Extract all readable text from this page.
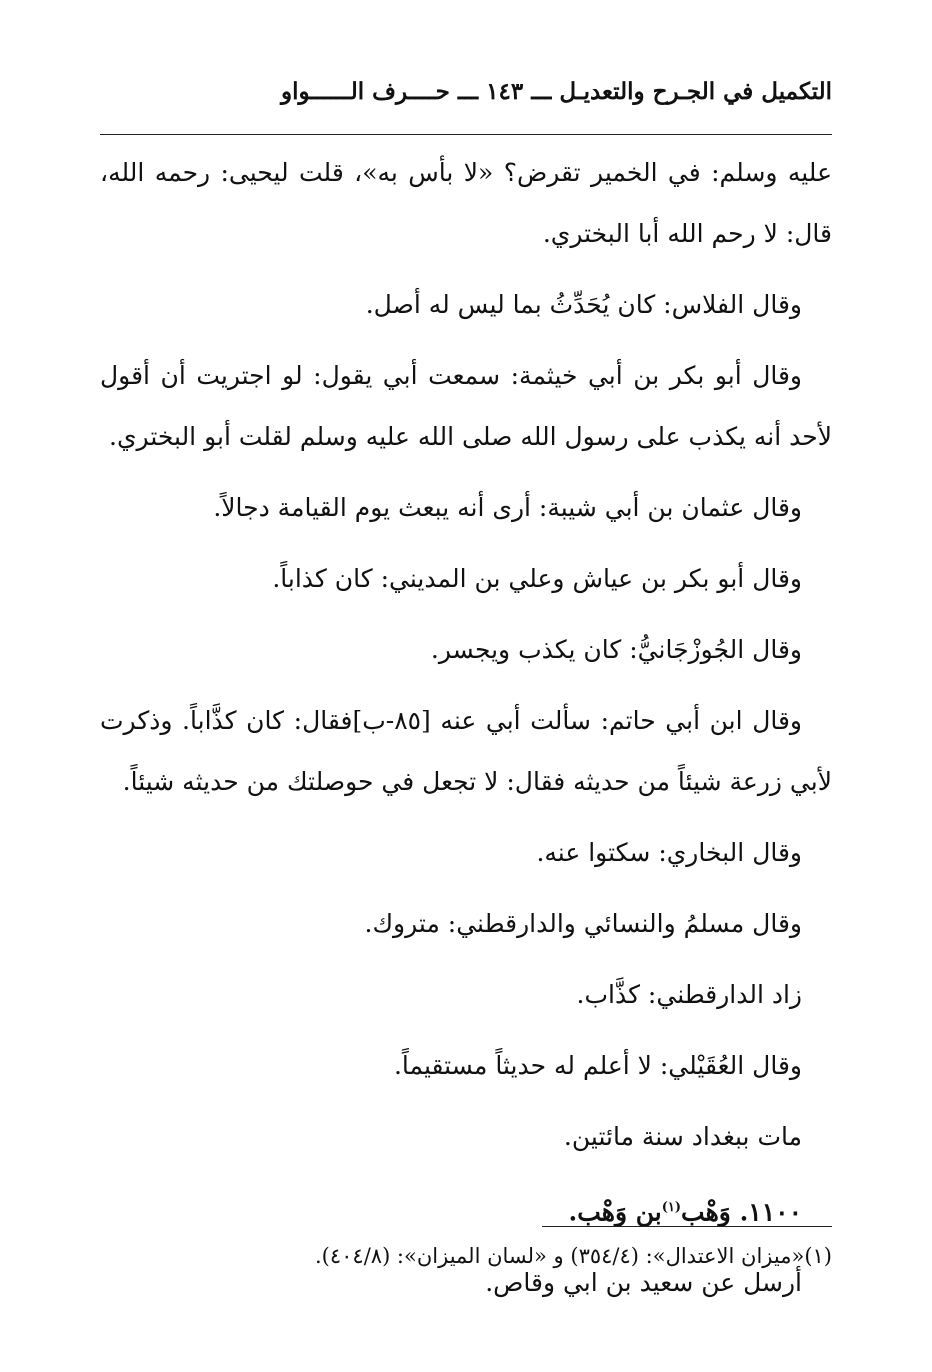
التكميل في الجـرح والتعديـل ـــ ١٤٣ ـــ حــــرف الــــــواو

عليه وسلم: في الخمير تقرض؟ «لا بأس به»، قلت ليحيى: رحمه الله، قال: لا رحم الله أبا البختري.

وقال الفلاس: كان يُحَدِّثُ بما ليس له أصل.

وقال أبو بكر بن أبي خيثمة: سمعت أبي يقول: لو اجتريت أن أقول لأحد أنه يكذب على رسول الله صلى الله عليه وسلم لقلت أبو البختري.

وقال عثمان بن أبي شيبة: أرى أنه يبعث يوم القيامة دجالاً.

وقال أبو بكر بن عياش وعلي بن المديني: كان كذاباً.

وقال الجُوزْجَانيُّ: كان يكذب ويجسر.

وقال ابن أبي حاتم: سألت أبي عنه [٨٥-ب]فقال: كان كذَّاباً. وذكرت لأبي زرعة شيئاً من حديثه فقال: لا تجعل في حوصلتك من حديثه شيئاً.

وقال البخاري: سكتوا عنه.

وقال مسلمُ والنسائي والدارقطني: متروك.

زاد الدارقطني: كذَّاب.

وقال العُقَيْلي: لا أعلم له حديثاً مستقيماً.

مات ببغداد سنة مائتين.

١١٠٠. وَهْب$^{(١)}$بن وَهْب.

أرسل عن سعيد بن ابي وقاص.

(١)«ميزان الاعتدال»: (٣٥٤/٤) و «لسان الميزان»: (٤٠٤/٨).
